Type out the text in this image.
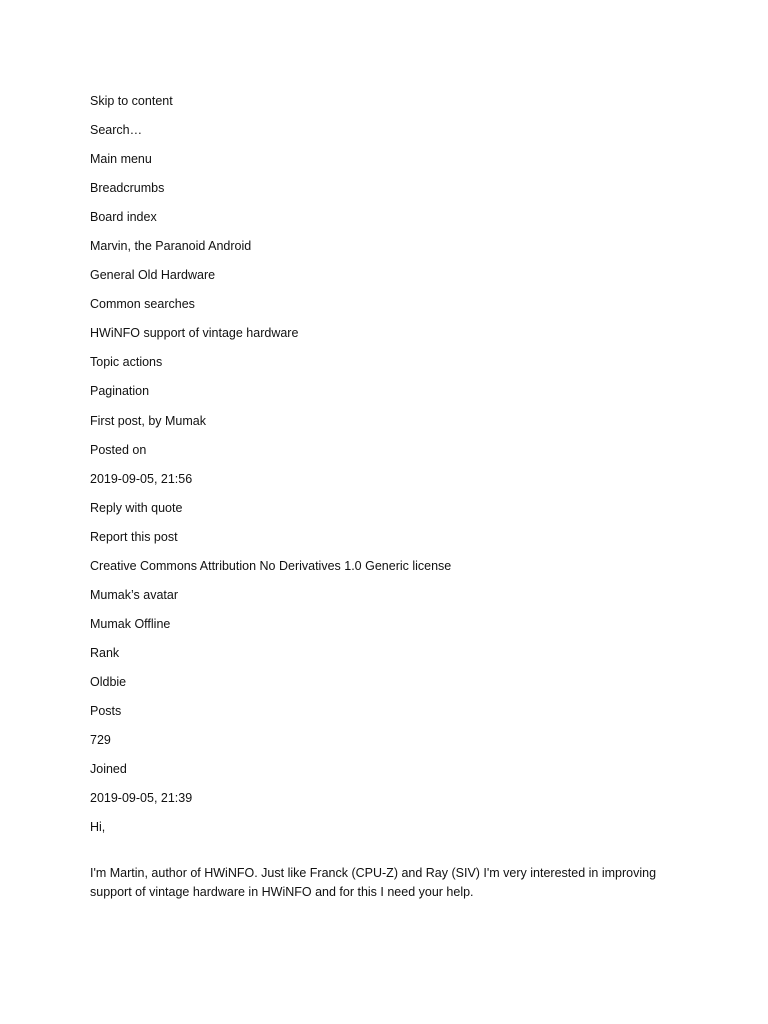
Skip to content
Search…
Main menu
Breadcrumbs
Board index
Marvin, the Paranoid Android
General Old Hardware
Common searches
HWiNFO support of vintage hardware
Topic actions
Pagination
First post, by Mumak
Posted on
2019-09-05, 21:56
Reply with quote
Report this post
Creative Commons Attribution No Derivatives 1.0 Generic license
Mumak’s avatar
Mumak Offline
Rank
Oldbie
Posts
729
Joined
2019-09-05, 21:39
Hi,
I'm Martin, author of HWiNFO. Just like Franck (CPU-Z) and Ray (SIV) I'm very interested in improving support of vintage hardware in HWiNFO and for this I need your help.
